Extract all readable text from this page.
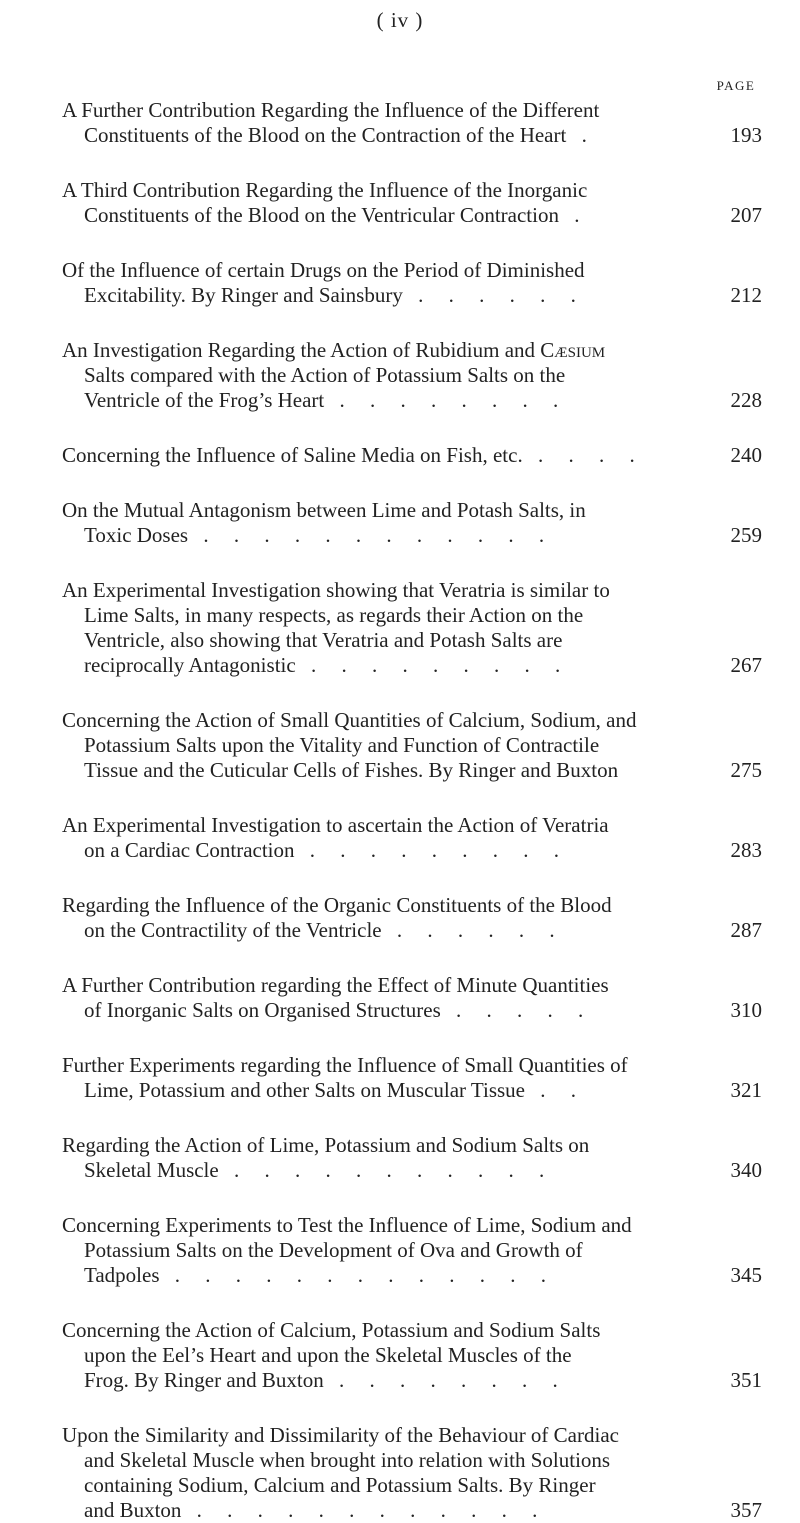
( iv )
PAGE
A Further Contribution Regarding the Influence of the Different
Constituents of the Blood on the Contraction of the Heart .	193
A Third Contribution Regarding the Influence of the Inorganic
Constituents of the Blood on the Ventricular Contraction .	207
Of the Influence of certain Drugs on the Period of Diminished
Excitability. By Ringer and Sainsbury . . . . . .	212
An Investigation Regarding the Action of Rubidium and Cæsium
Salts compared with the Action of Potassium Salts on the
Ventricle of the Frog’s Heart . . . . . . . .	228
Concerning the Influence of Saline Media on Fish, etc. . . . .	240
On the Mutual Antagonism between Lime and Potash Salts, in
Toxic Doses . . . . . . . . . . . .	259
An Experimental Investigation showing that Veratria is similar to
Lime Salts, in many respects, as regards their Action on the
Ventricle, also showing that Veratria and Potash Salts are
reciprocally Antagonistic . . . . . . . . .	267
Concerning the Action of Small Quantities of Calcium, Sodium, and
Potassium Salts upon the Vitality and Function of Contractile
Tissue and the Cuticular Cells of Fishes. By Ringer and Buxton	275
An Experimental Investigation to ascertain the Action of Veratria
on a Cardiac Contraction . . . . . . . . .	283
Regarding the Influence of the Organic Constituents of the Blood
on the Contractility of the Ventricle . . . . . .	287
A Further Contribution regarding the Effect of Minute Quantities
of Inorganic Salts on Organised Structures . . . . .	310
Further Experiments regarding the Influence of Small Quantities of
Lime, Potassium and other Salts on Muscular Tissue . .	321
Regarding the Action of Lime, Potassium and Sodium Salts on
Skeletal Muscle . . . . . . . . . . .	340
Concerning Experiments to Test the Influence of Lime, Sodium and
Potassium Salts on the Development of Ova and Growth of
Tadpoles . . . . . . . . . . . . .	345
Concerning the Action of Calcium, Potassium and Sodium Salts
upon the Eel’s Heart and upon the Skeletal Muscles of the
Frog. By Ringer and Buxton . . . . . . . .	351
Upon the Similarity and Dissimilarity of the Behaviour of Cardiac
and Skeletal Muscle when brought into relation with Solutions
containing Sodium, Calcium and Potassium Salts. By Ringer
and Buxton . . . . . . . . . . . .	357
